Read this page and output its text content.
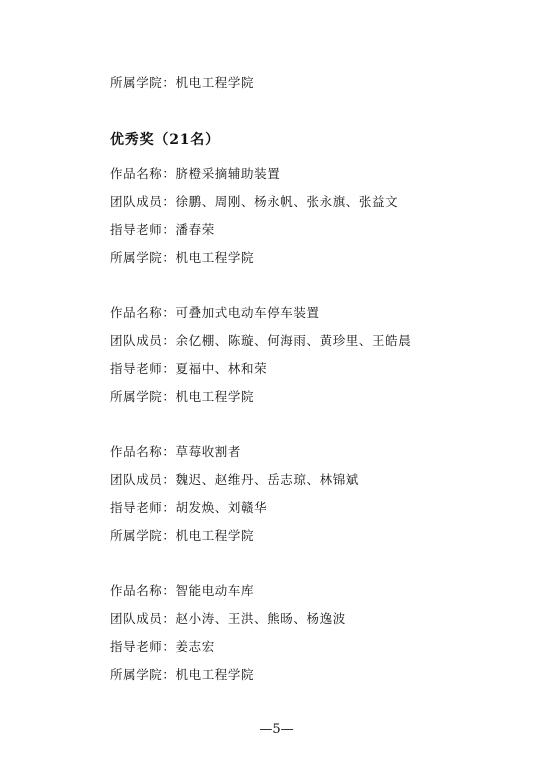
所属学院：机电工程学院
优秀奖（21名）
作品名称：脐橙采摘辅助装置
团队成员：徐鹏、周刚、杨永帆、张永旗、张益文
指导老师：潘春荣
所属学院：机电工程学院
作品名称：可叠加式电动车停车装置
团队成员：余亿棚、陈璇、何海雨、黄珍里、王皓晨
指导老师：夏福中、林和荣
所属学院：机电工程学院
作品名称：草莓收割者
团队成员：魏迟、赵维丹、岳志琼、林锦斌
指导老师：胡发焕、刘赣华
所属学院：机电工程学院
作品名称：智能电动车库
团队成员：赵小涛、王洪、熊旸、杨逸波
指导老师：姜志宏
所属学院：机电工程学院
—5—
